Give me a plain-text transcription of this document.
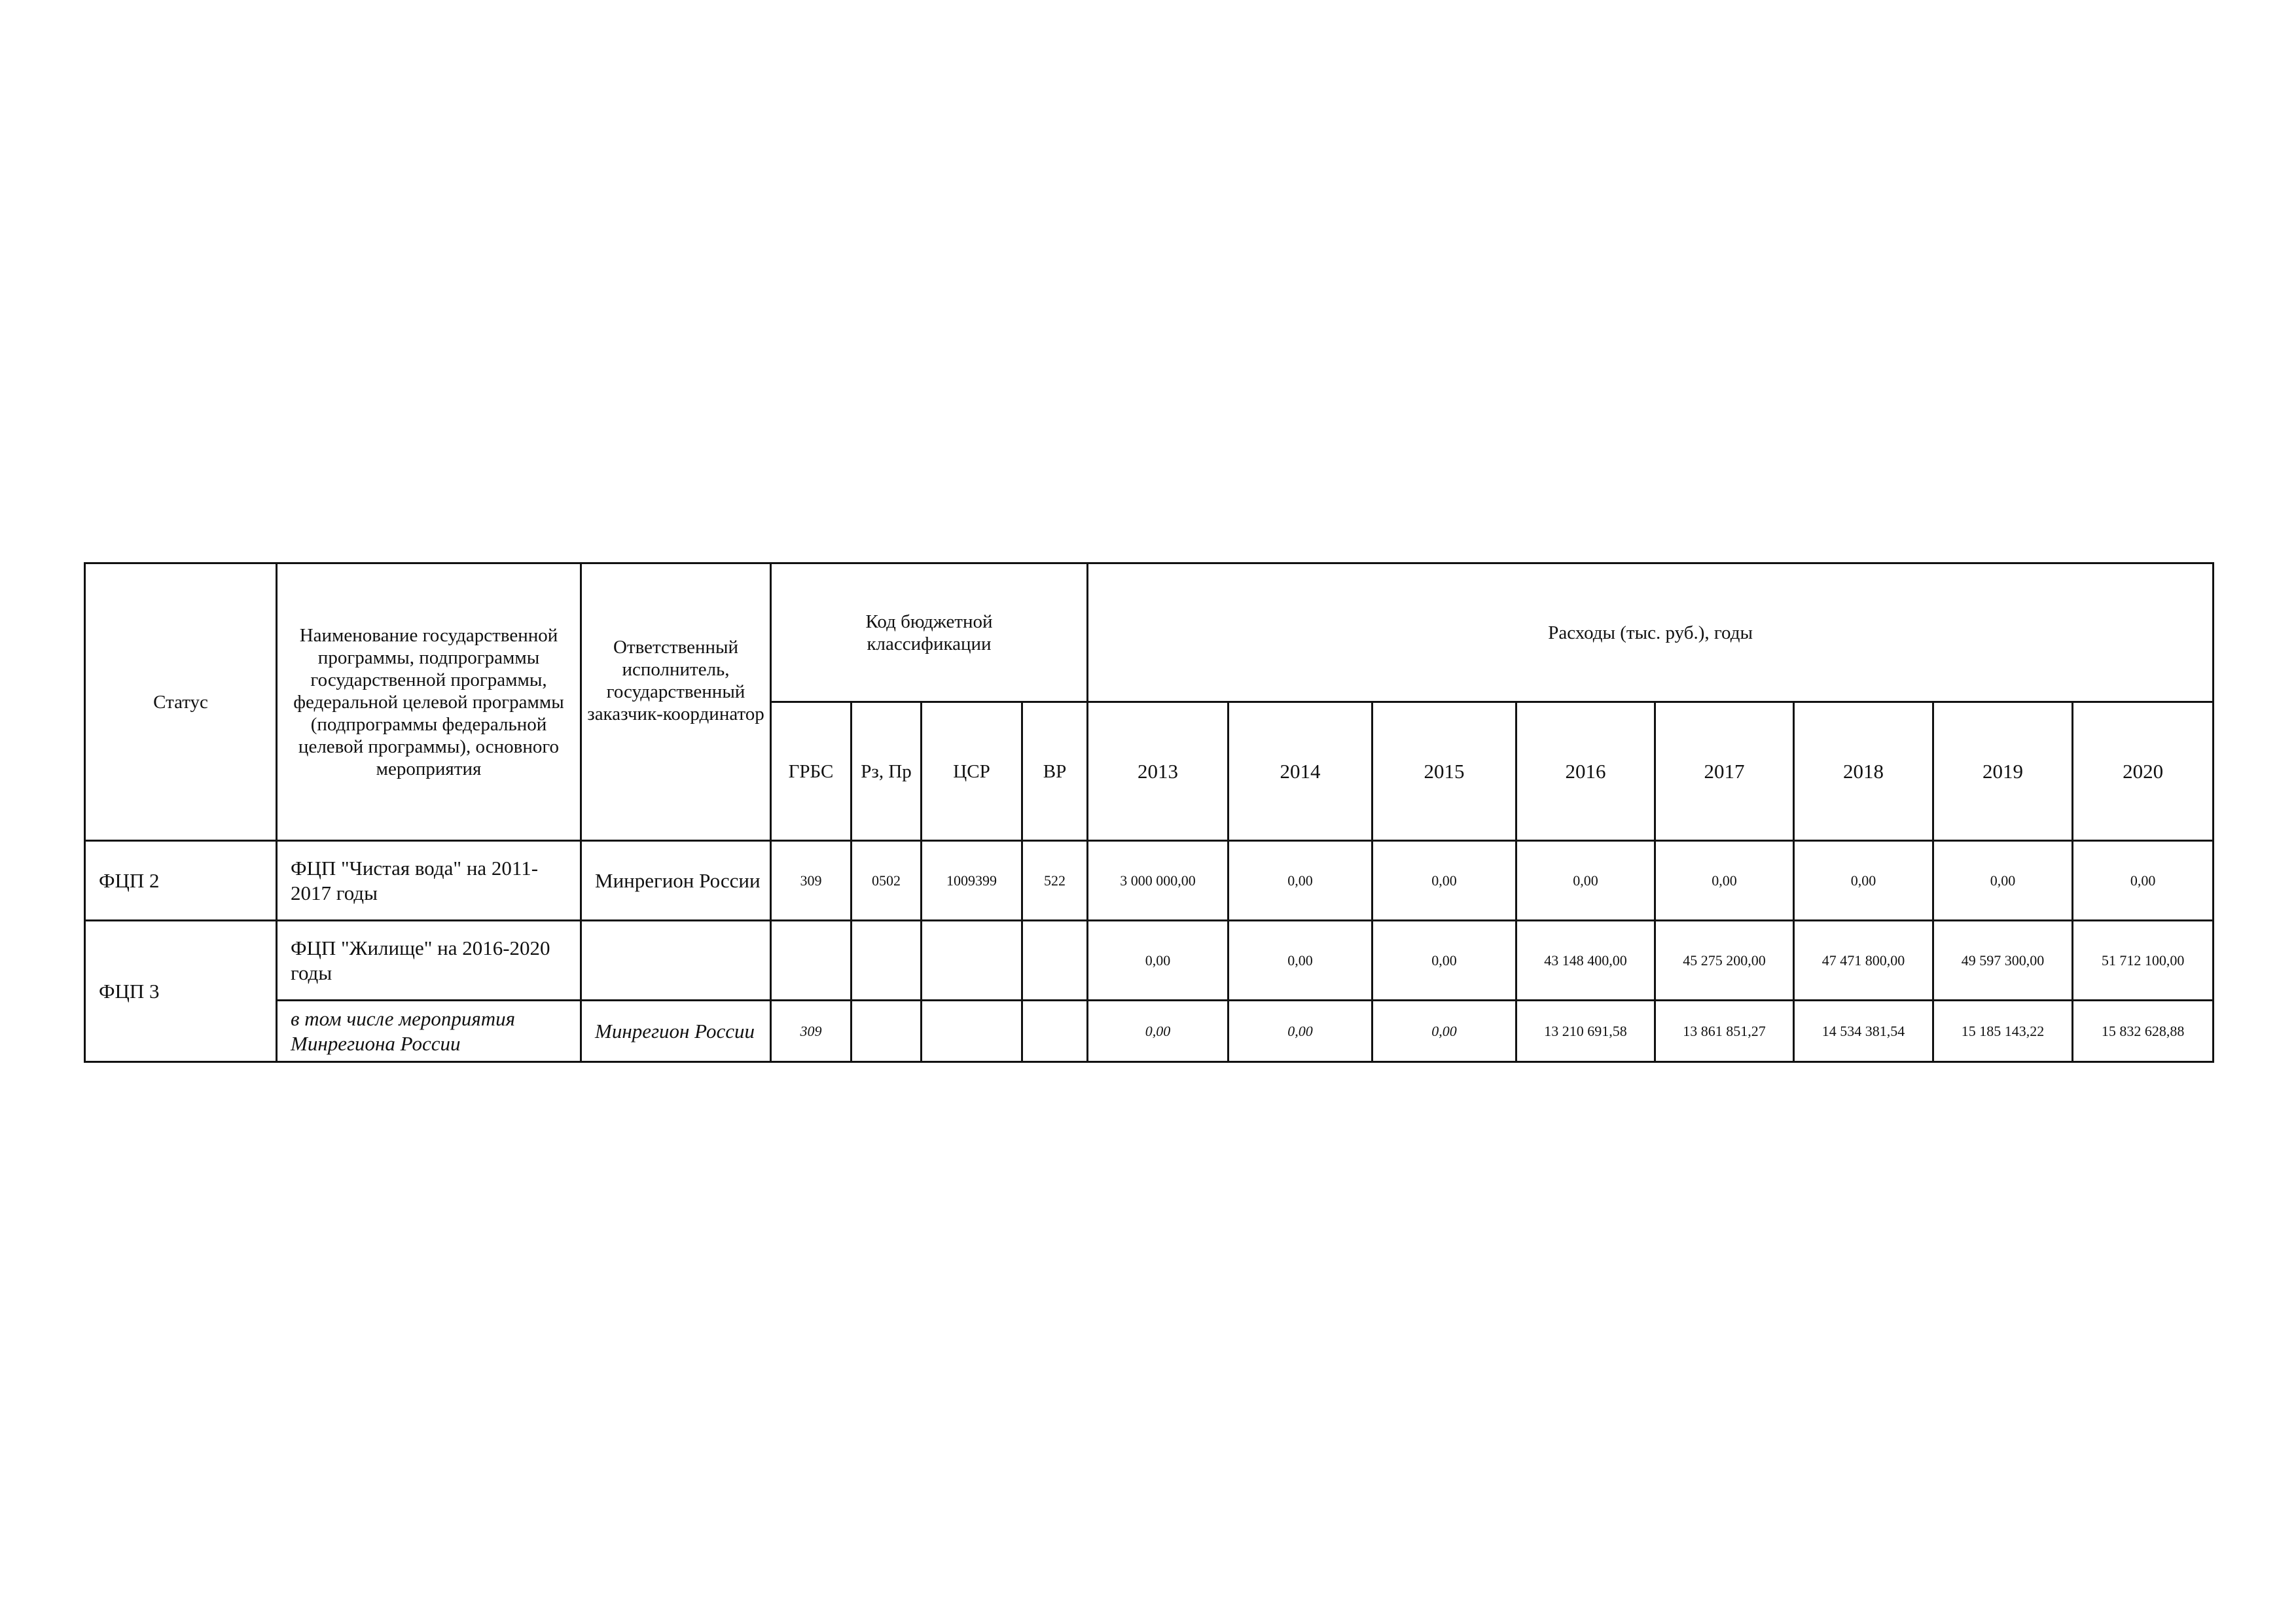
Статус	Наименование государственной программы, подпрограммы государственной программы, федеральной целевой программы (подпрограммы федеральной целевой программы), основного мероприятия	Ответственный исполнитель, государственный заказчик-координатор	Код бюджетной классификации				Расходы (тыс. руб.), годы							
			ГРБС	Рз, Пр	ЦСР	ВР	2013	2014	2015	2016	2017	2018	2019	2020
ФЦП 2	ФЦП "Чистая вода" на 2011-2017 годы	Минрегион России	309	0502	1009399	522	3 000 000,00	0,00	0,00	0,00	0,00	0,00	0,00	0,00
ФЦП 3	ФЦП "Жилище" на 2016-2020 годы						0,00	0,00	0,00	43 148 400,00	45 275 200,00	47 471 800,00	49 597 300,00	51 712 100,00
	в том числе мероприятия Минрегиона России	Минрегион России	309				0,00	0,00	0,00	13 210 691,58	13 861 851,27	14 534 381,54	15 185 143,22	15 832 628,88
